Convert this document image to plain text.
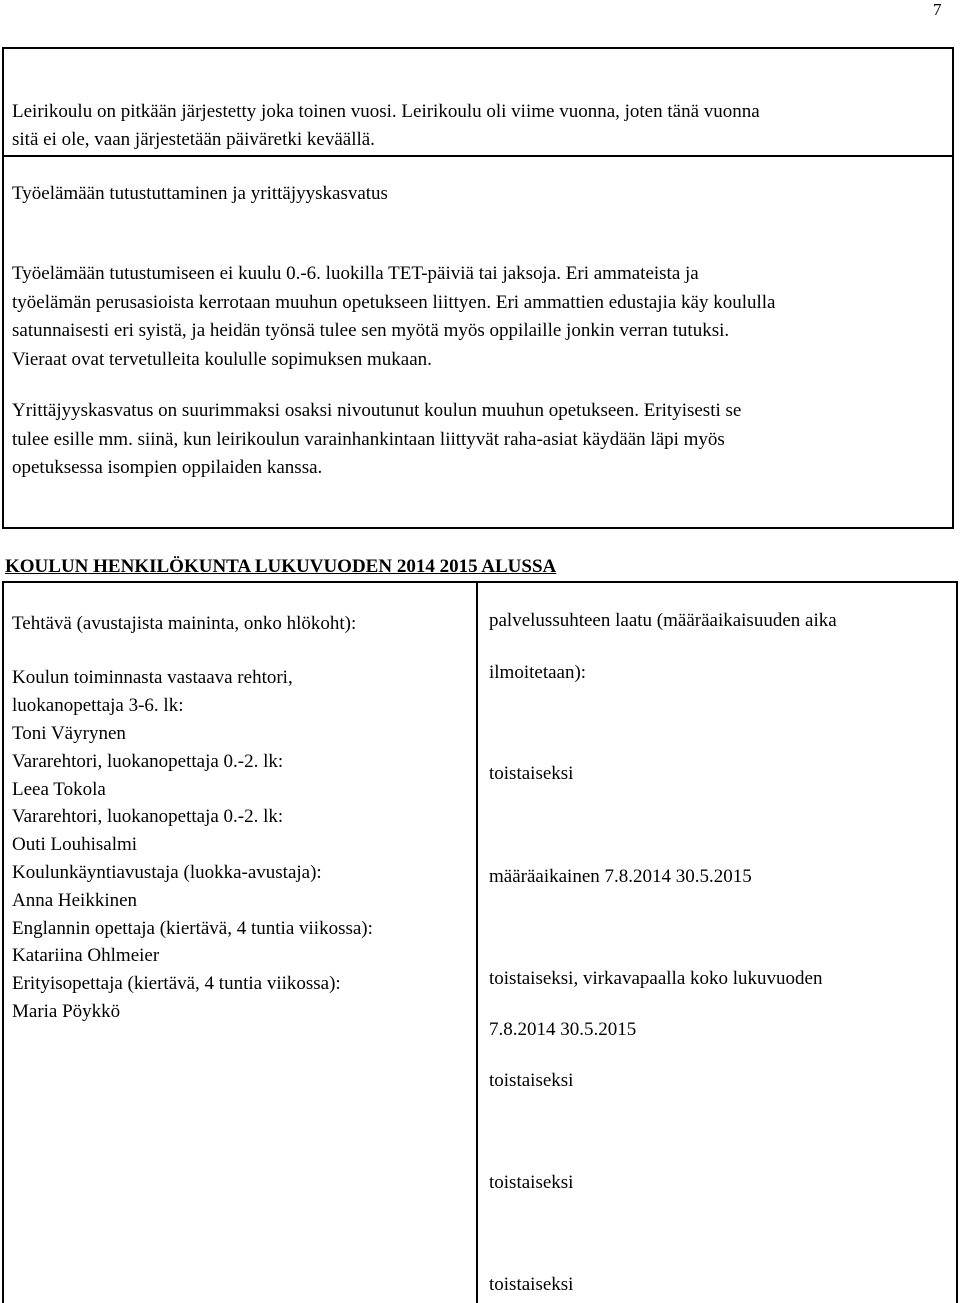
7
Leirikoulu on pitkään järjestetty joka toinen vuosi. Leirikoulu oli viime vuonna, joten tänä vuonna
sitä ei ole, vaan järjestetään päiväretki keväällä.
Työelämään tutustuttaminen ja yrittäjyyskasvatus
Työelämään tutustumiseen ei kuulu 0.-6. luokilla TET-päiviä tai jaksoja. Eri ammateista ja
työelämän perusasioista kerrotaan muuhun opetukseen liittyen. Eri ammattien edustajia käy koululla
satunnaisesti eri syistä, ja heidän työnsä tulee sen myötä myös oppilaille jonkin verran tutuksi.
Vieraat ovat tervetulleita koululle sopimuksen mukaan.
Yrittäjyyskasvatus on suurimmaksi osaksi nivoutunut koulun muuhun opetukseen. Erityisesti se
tulee esille mm. siinä, kun leirikoulun varainhankintaan liittyvät raha-asiat käydään läpi myös
opetuksessa isompien oppilaiden kanssa.
KOULUN HENKILÖKUNTA LUKUVUODEN 2014 2015 ALUSSA
Tehtävä (avustajista maininta, onko hlökoht):	palvelussuhteen laatu (määräaikaisuuden aika
ilmoitetaan):
Koulun toiminnasta vastaava rehtori,
luokanopettaja 3-6. lk:
Toni Väyrynen
Vararehtori, luokanopettaja 0.-2. lk:
Leea Tokola
Vararehtori, luokanopettaja 0.-2. lk:
Outi Louhisalmi
Koulunkäyntiavustaja (luokka-avustaja):
Anna Heikkinen
Englannin opettaja (kiertävä, 4 tuntia viikossa):
Katariina Ohlmeier
Erityisopettaja (kiertävä, 4 tuntia viikossa):
Maria Pöykkö
toistaiseksi
määräaikainen 7.8.2014 30.5.2015
toistaiseksi, virkavapaalla koko lukuvuoden
7.8.2014 30.5.2015
toistaiseksi
toistaiseksi
toistaiseksi
